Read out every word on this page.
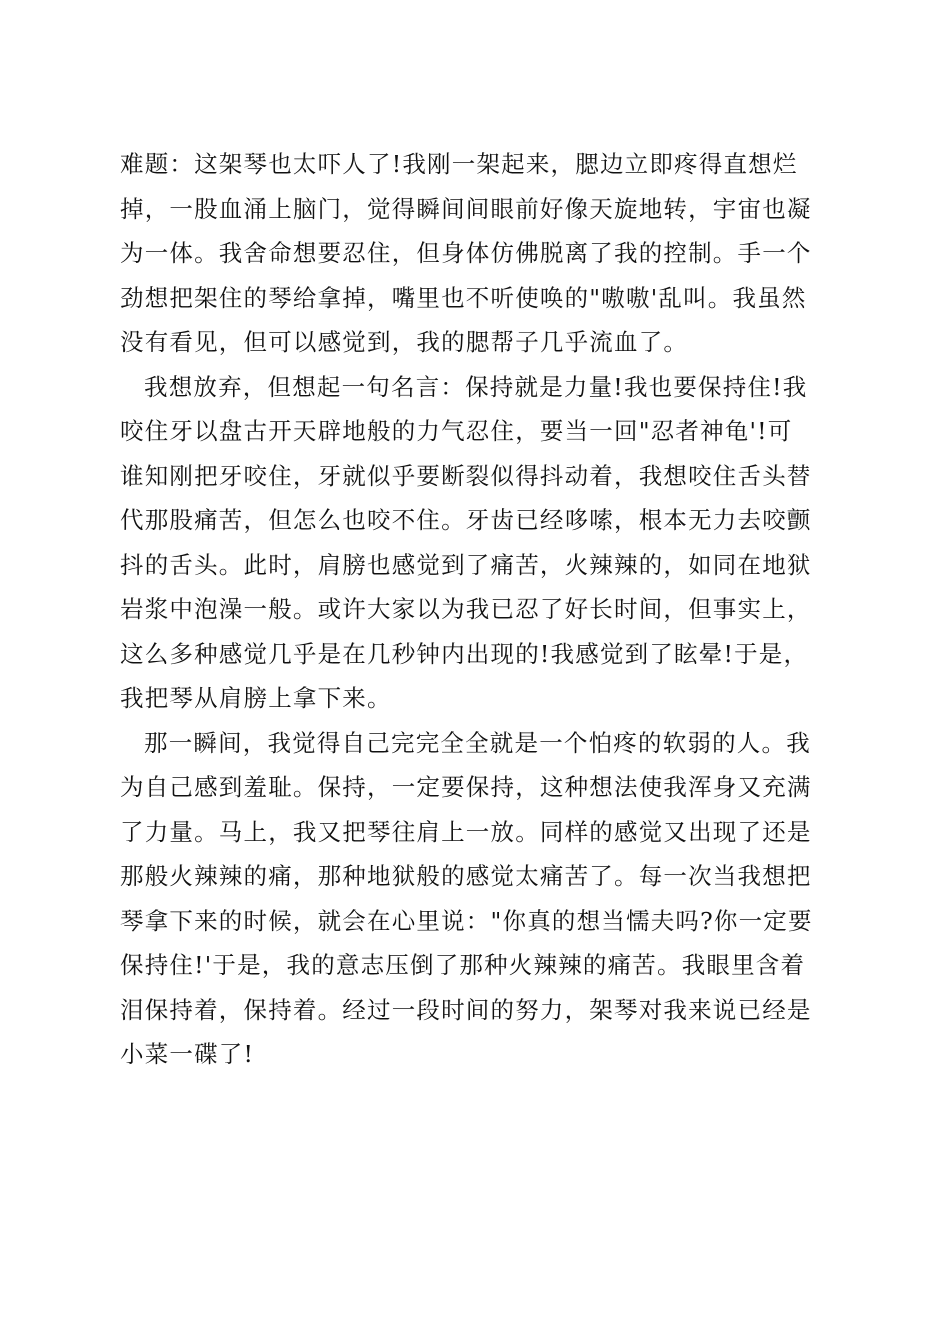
难题：这架琴也太吓人了!我刚一架起来，腮边立即疼得直想烂
掉，一股血涌上脑门，觉得瞬间间眼前好像天旋地转，宇宙也凝
为一体。我舍命想要忍住，但身体仿佛脱离了我的控制。手一个
劲想把架住的琴给拿掉，嘴里也不听使唤的"嗷嗷'乱叫。我虽然
没有看见，但可以感觉到，我的腮帮子几乎流血了。

我想放弃，但想起一句名言：保持就是力量!我也要保持住!我
咬住牙以盘古开天辟地般的力气忍住，要当一回"忍者神龟'!可
谁知刚把牙咬住，牙就似乎要断裂似得抖动着，我想咬住舌头替
代那股痛苦，但怎么也咬不住。牙齿已经哆嗦，根本无力去咬颤
抖的舌头。此时，肩膀也感觉到了痛苦，火辣辣的，如同在地狱
岩浆中泡澡一般。或许大家以为我已忍了好长时间，但事实上，
这么多种感觉几乎是在几秒钟内出现的!我感觉到了眩晕!于是，
我把琴从肩膀上拿下来。

那一瞬间，我觉得自己完完全全就是一个怕疼的软弱的人。我
为自己感到羞耻。保持，一定要保持，这种想法使我浑身又充满
了力量。马上，我又把琴往肩上一放。同样的感觉又出现了还是
那般火辣辣的痛，那种地狱般的感觉太痛苦了。每一次当我想把
琴拿下来的时候，就会在心里说："你真的想当懦夫吗?你一定要
保持住!'于是，我的意志压倒了那种火辣辣的痛苦。我眼里含着
泪保持着，保持着。经过一段时间的努力，架琴对我来说已经是
小菜一碟了!
